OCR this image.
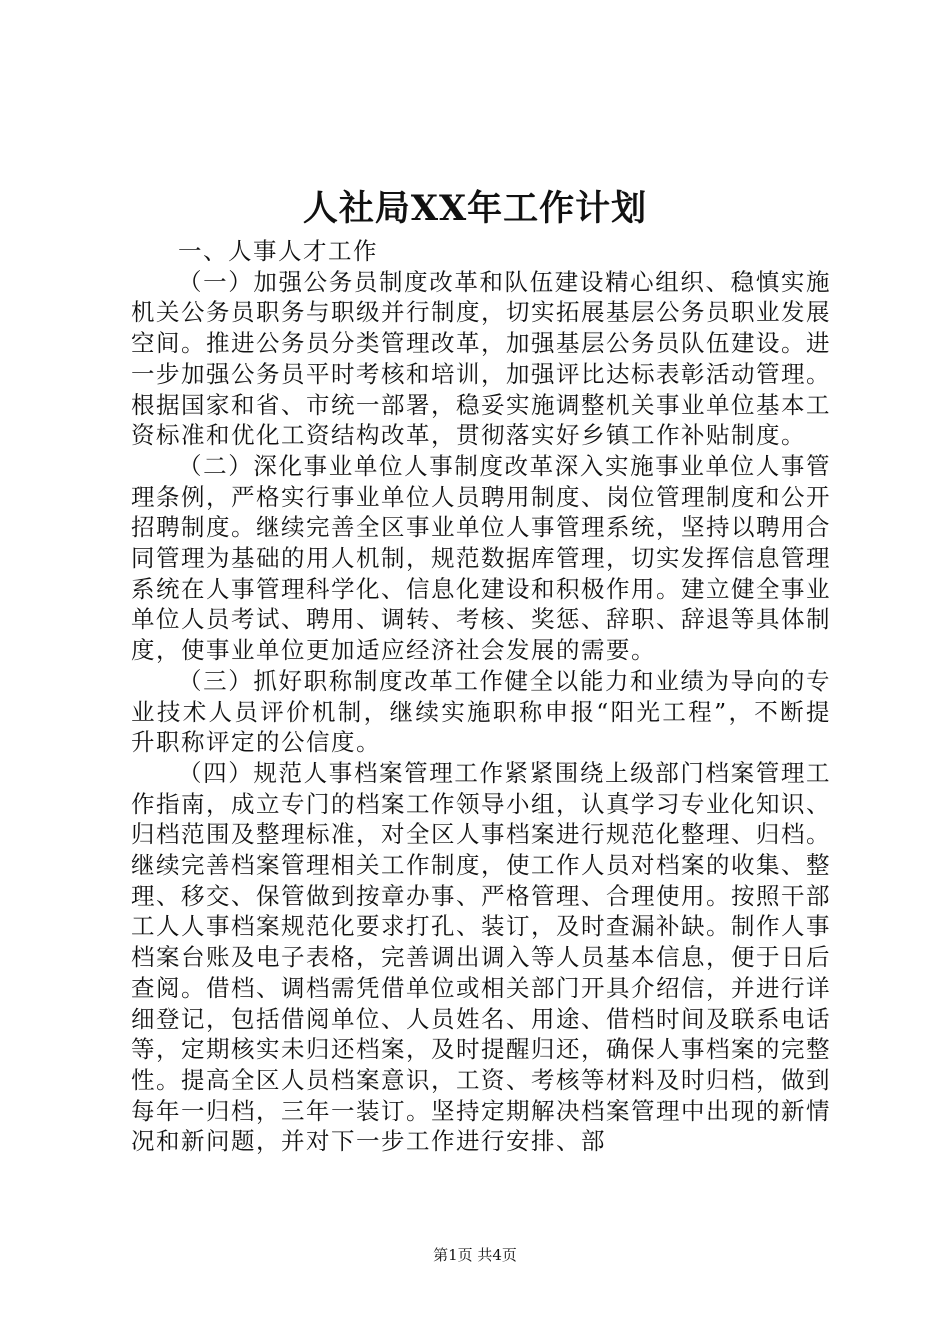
人社局XX年工作计划

一、人事人才工作

（一）加强公务员制度改革和队伍建设精心组织、稳慎实施机关公务员职务与职级并行制度，切实拓展基层公务员职业发展空间。推进公务员分类管理改革，加强基层公务员队伍建设。进一步加强公务员平时考核和培训，加强评比达标表彰活动管理。根据国家和省、市统一部署，稳妥实施调整机关事业单位基本工资标准和优化工资结构改革，贯彻落实好乡镇工作补贴制度。

（二）深化事业单位人事制度改革深入实施事业单位人事管理条例，严格实行事业单位人员聘用制度、岗位管理制度和公开招聘制度。继续完善全区事业单位人事管理系统，坚持以聘用合同管理为基础的用人机制，规范数据库管理，切实发挥信息管理系统在人事管理科学化、信息化建设和积极作用。建立健全事业单位人员考试、聘用、调转、考核、奖惩、辞职、辞退等具体制度，使事业单位更加适应经济社会发展的需要。

（三）抓好职称制度改革工作健全以能力和业绩为导向的专业技术人员评价机制，继续实施职称申报“阳光工程”，不断提升职称评定的公信度。

（四）规范人事档案管理工作紧紧围绕上级部门档案管理工作指南，成立专门的档案工作领导小组，认真学习专业化知识、归档范围及整理标准，对全区人事档案进行规范化整理、归档。继续完善档案管理相关工作制度，使工作人员对档案的收集、整理、移交、保管做到按章办事、严格管理、合理使用。按照干部工人人事档案规范化要求打孔、装订，及时查漏补缺。制作人事档案台账及电子表格，完善调出调入等人员基本信息，便于日后查阅。借档、调档需凭借单位或相关部门开具介绍信，并进行详细登记，包括借阅单位、人员姓名、用途、借档时间及联系电话等，定期核实未归还档案，及时提醒归还，确保人事档案的完整性。提高全区人员档案意识，工资、考核等材料及时归档，做到每年一归档，三年一装订。坚持定期解决档案管理中出现的新情况和新问题，并对下一步工作进行安排、部

第1页 共4页
